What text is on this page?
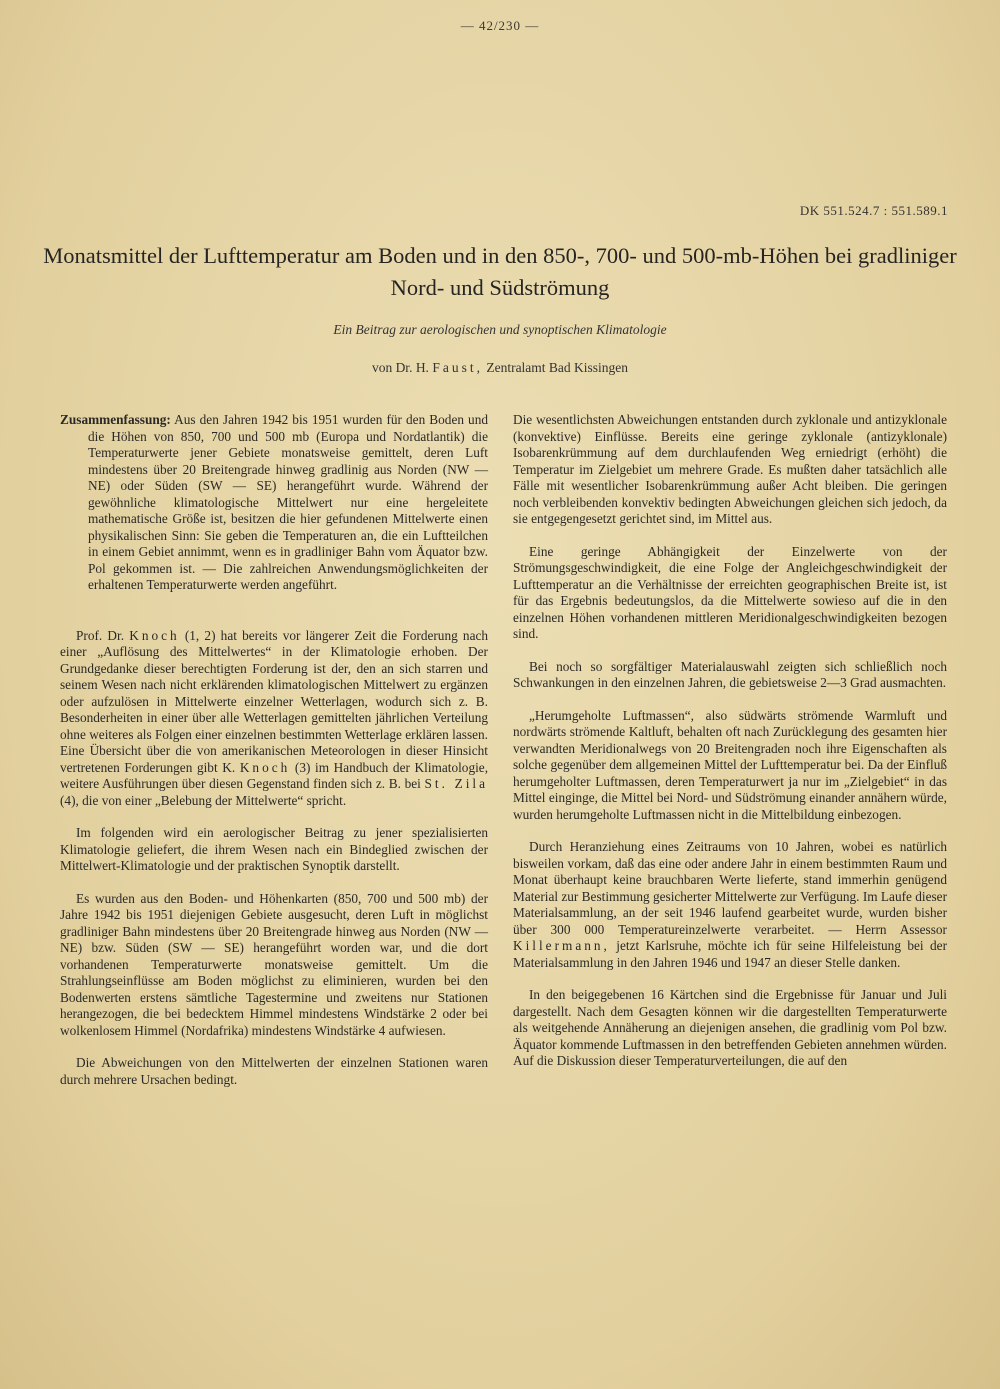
— 42/230 —
DK 551.524.7 : 551.589.1
Monatsmittel der Lufttemperatur am Boden und in den 850-, 700- und 500-mb-Höhen bei gradliniger Nord- und Südströmung
Ein Beitrag zur aerologischen und synoptischen Klimatologie
von Dr. H. Faust, Zentralamt Bad Kissingen

Zusammenfassung: Aus den Jahren 1942 bis 1951 wurden für den Boden und die Höhen von 850, 700 und 500 mb (Europa und Nordatlantik) die Temperaturwerte jener Gebiete monatsweise gemittelt, deren Luft mindestens über 20 Breitengrade hinweg gradlinig aus Norden (NW — NE) oder Süden (SW — SE) herangeführt wurde. Während der gewöhnliche klimatologische Mittelwert nur eine hergeleitete mathematische Größe ist, besitzen die hier gefundenen Mittelwerte einen physikalischen Sinn: Sie geben die Temperaturen an, die ein Luftteilchen in einem Gebiet annimmt, wenn es in gradliniger Bahn vom Äquator bzw. Pol gekommen ist. — Die zahlreichen Anwendungsmöglichkeiten der erhaltenen Temperaturwerte werden angeführt.

Prof. Dr. Knoch (1, 2) hat bereits vor längerer Zeit die Forderung nach einer „Auflösung des Mittelwertes“ in der Klimatologie erhoben. Der Grundgedanke dieser berechtigten Forderung ist der, den an sich starren und seinem Wesen nach nicht erklärenden klimatologischen Mittelwert zu ergänzen oder aufzulösen in Mittelwerte einzelner Wetterlagen, wodurch sich z. B. Besonderheiten in einer über alle Wetterlagen gemittelten jährlichen Verteilung ohne weiteres als Folgen einer einzelnen bestimmten Wetterlage erklären lassen. Eine Übersicht über die von amerikanischen Meteorologen in dieser Hinsicht vertretenen Forderungen gibt K. Knoch (3) im Handbuch der Klimatologie, weitere Ausführungen über diesen Gegenstand finden sich z. B. bei St. Zila (4), die von einer „Belebung der Mittelwerte“ spricht.

Im folgenden wird ein aerologischer Beitrag zu jener spezialisierten Klimatologie geliefert, die ihrem Wesen nach ein Bindeglied zwischen der Mittelwert-Klimatologie und der praktischen Synoptik darstellt.

Es wurden aus den Boden- und Höhenkarten (850, 700 und 500 mb) der Jahre 1942 bis 1951 diejenigen Gebiete ausgesucht, deren Luft in möglichst gradliniger Bahn mindestens über 20 Breitengrade hinweg aus Norden (NW — NE) bzw. Süden (SW — SE) herangeführt worden war, und die dort vorhandenen Temperaturwerte monatsweise gemittelt. Um die Strahlungseinflüsse am Boden möglichst zu eliminieren, wurden bei den Bodenwerten erstens sämtliche Tagestermine und zweitens nur Stationen herangezogen, die bei bedecktem Himmel mindestens Windstärke 2 oder bei wolkenlosem Himmel (Nordafrika) mindestens Windstärke 4 aufwiesen.

Die Abweichungen von den Mittelwerten der einzelnen Stationen waren durch mehrere Ursachen bedingt.

Die wesentlichsten Abweichungen entstanden durch zyklonale und antizyklonale (konvektive) Einflüsse. Bereits eine geringe zyklonale (antizyklonale) Isobarenkrümmung auf dem durchlaufenden Weg erniedrigt (erhöht) die Temperatur im Zielgebiet um mehrere Grade. Es mußten daher tatsächlich alle Fälle mit wesentlicher Isobarenkrümmung außer Acht bleiben. Die geringen noch verbleibenden konvektiv bedingten Abweichungen gleichen sich jedoch, da sie entgegengesetzt gerichtet sind, im Mittel aus.

Eine geringe Abhängigkeit der Einzelwerte von der Strömungsgeschwindigkeit, die eine Folge der Angleichgeschwindigkeit der Lufttemperatur an die Verhältnisse der erreichten geographischen Breite ist, ist für das Ergebnis bedeutungslos, da die Mittelwerte sowieso auf die in den einzelnen Höhen vorhandenen mittleren Meridionalgeschwindigkeiten bezogen sind.

Bei noch so sorgfältiger Materialauswahl zeigten sich schließlich noch Schwankungen in den einzelnen Jahren, die gebietsweise 2—3 Grad ausmachten.

„Herumgeholte Luftmassen“, also südwärts strömende Warmluft und nordwärts strömende Kaltluft, behalten oft nach Zurücklegung des gesamten hier verwandten Meridionalwegs von 20 Breitengraden noch ihre Eigenschaften als solche gegenüber dem allgemeinen Mittel der Lufttemperatur bei. Da der Einfluß herumgeholter Luftmassen, deren Temperaturwert ja nur im „Zielgebiet“ in das Mittel einginge, die Mittel bei Nord- und Südströmung einander annähern würde, wurden herumgeholte Luftmassen nicht in die Mittelbildung einbezogen.

Durch Heranziehung eines Zeitraums von 10 Jahren, wobei es natürlich bisweilen vorkam, daß das eine oder andere Jahr in einem bestimmten Raum und Monat überhaupt keine brauchbaren Werte lieferte, stand immerhin genügend Material zur Bestimmung gesicherter Mittelwerte zur Verfügung. Im Laufe dieser Materialsammlung, an der seit 1946 laufend gearbeitet wurde, wurden bisher über 300 000 Temperatureinzelwerte verarbeitet. — Herrn Assessor Killermann, jetzt Karlsruhe, möchte ich für seine Hilfeleistung bei der Materialsammlung in den Jahren 1946 und 1947 an dieser Stelle danken.

In den beigegebenen 16 Kärtchen sind die Ergebnisse für Januar und Juli dargestellt. Nach dem Gesagten können wir die dargestellten Temperaturwerte als weitgehende Annäherung an diejenigen ansehen, die gradlinig vom Pol bzw. Äquator kommende Luftmassen in den betreffenden Gebieten annehmen würden. Auf die Diskussion dieser Temperaturverteilungen, die auf den
